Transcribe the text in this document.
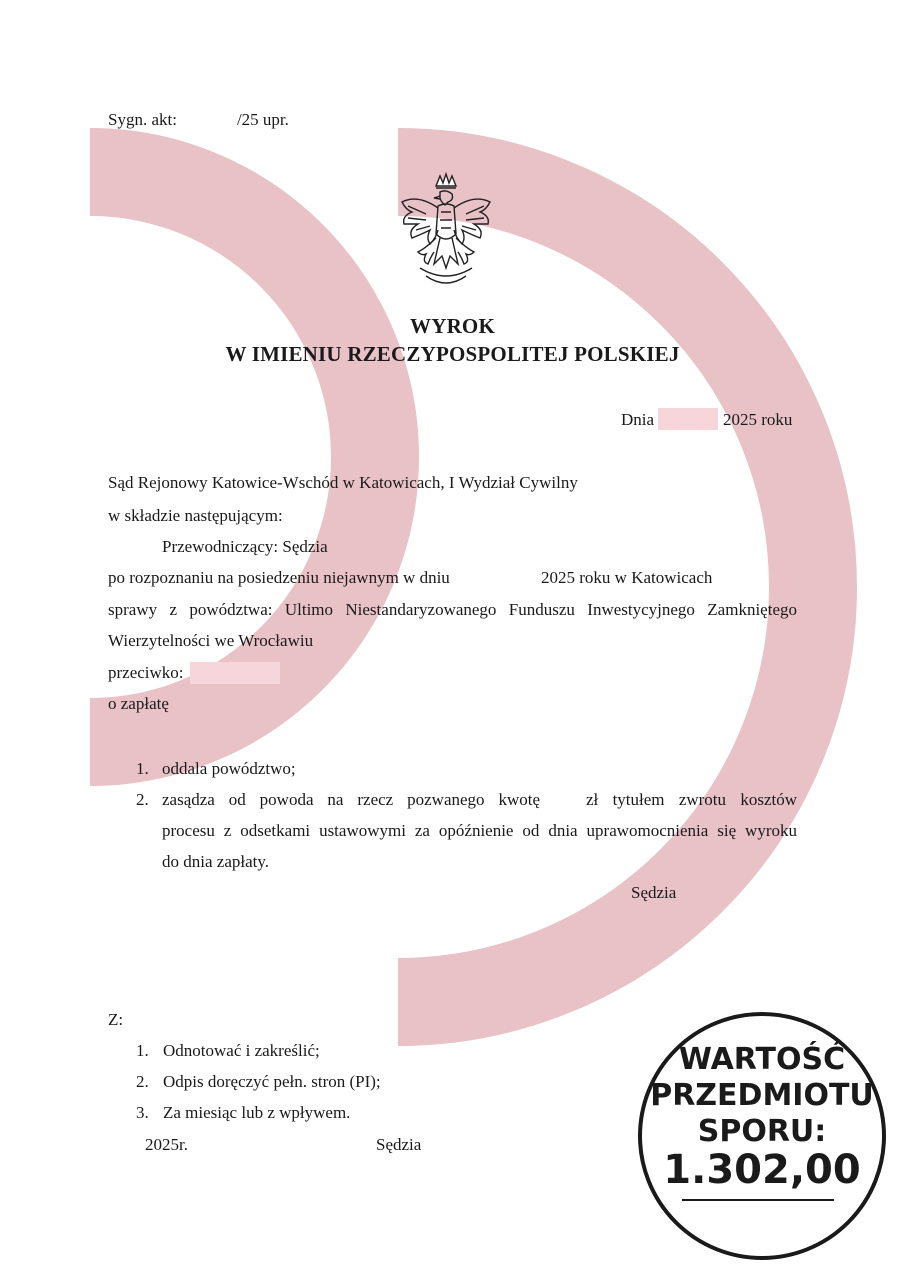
Sygn. akt:	/25 upr.
WYROK
W IMIENIU RZECZYPOSPOLITEJ POLSKIEJ
Dnia	2025 roku
Sąd Rejonowy Katowice-Wschód w Katowicach, I Wydział Cywilny
w składzie następującym:
Przewodniczący: Sędzia
po rozpoznaniu na posiedzeniu niejawnym w dniu	2025 roku w Katowicach
sprawy z powództwa: Ultimo Niestandaryzowanego Funduszu Inwestycyjnego Zamkniętego
Wierzytelności we Wrocławiu
przeciwko:
o zapłatę
1. oddala powództwo;
2. zasądza od powoda na rzecz pozwanego kwotę	zł tytułem zwrotu kosztów
procesu z odsetkami ustawowymi za opóźnienie od dnia uprawomocnienia się wyroku
do dnia zapłaty.
Sędzia
Z:
1. Odnotować i zakreślić;
2. Odpis doręczyć pełn. stron (PI);
3. Za miesiąc lub z wpływem.
2025r.	Sędzia
WARTOŚĆ
PRZEDMIOTU
SPORU:
1.302,00
